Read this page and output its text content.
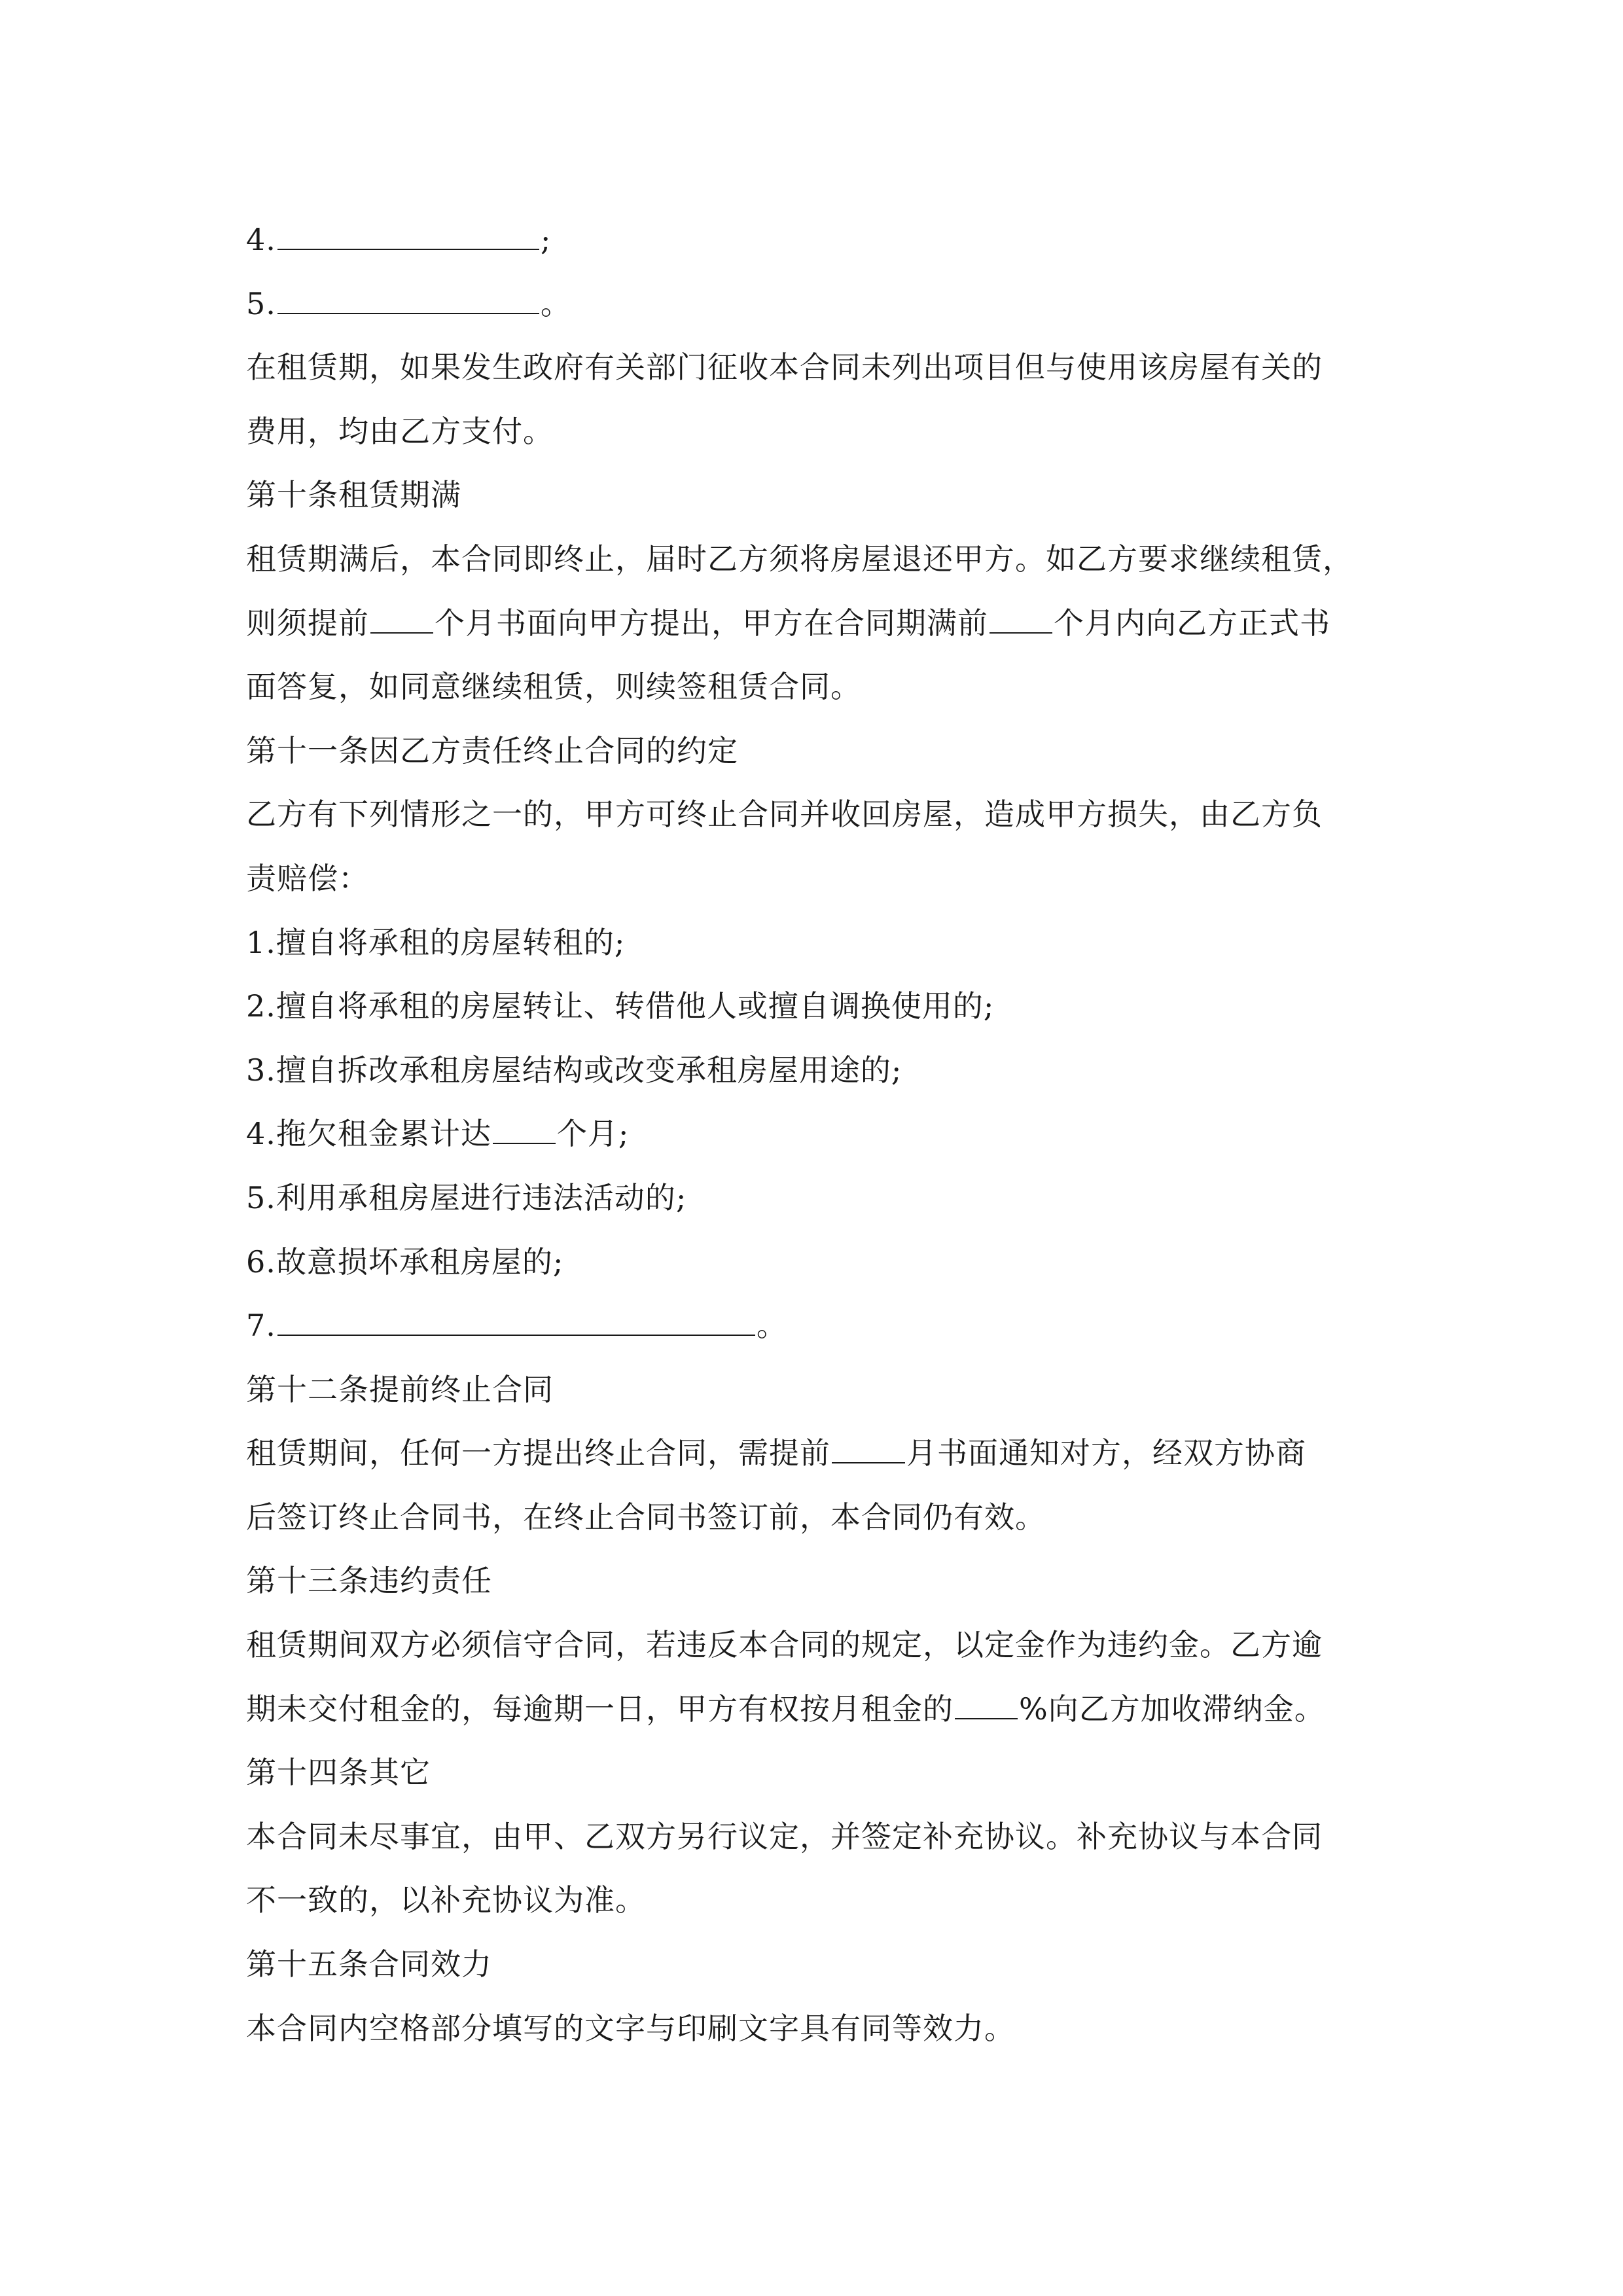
4.	;
5.	。
在租赁期，如果发生政府有关部门征收本合同未列出项目但与使用该房屋有关的
费用，均由乙方支付。
第十条租赁期满
租赁期满后，本合同即终止，届时乙方须将房屋退还甲方。如乙方要求继续租赁，
则须提前 个月书面向甲方提出，甲方在合同期满前 个月内向乙方正式书
面答复，如同意继续租赁，则续签租赁合同。
第十一条因乙方责任终止合同的约定
乙方有下列情形之一的，甲方可终止合同并收回房屋，造成甲方损失，由乙方负
责赔偿：
1.擅自将承租的房屋转租的;
2.擅自将承租的房屋转让、转借他人或擅自调换使用的;
3.擅自拆改承租房屋结构或改变承租房屋用途的;
4.拖欠租金累计达 个月;
5.利用承租房屋进行违法活动的;
6.故意损坏承租房屋的;
7.	。
第十二条提前终止合同
租赁期间，任何一方提出终止合同，需提前	月书面通知对方，经双方协商
后签订终止合同书，在终止合同书签订前，本合同仍有效。
第十三条违约责任
租赁期间双方必须信守合同，若违反本合同的规定，以定金作为违约金。乙方逾
期未交付租金的，每逾期一日，甲方有权按月租金的 %向乙方加收滞纳金。
第十四条其它
本合同未尽事宜，由甲、乙双方另行议定，并签定补充协议。补充协议与本合同
不一致的，以补充协议为准。
第十五条合同效力
本合同内空格部分填写的文字与印刷文字具有同等效力。
